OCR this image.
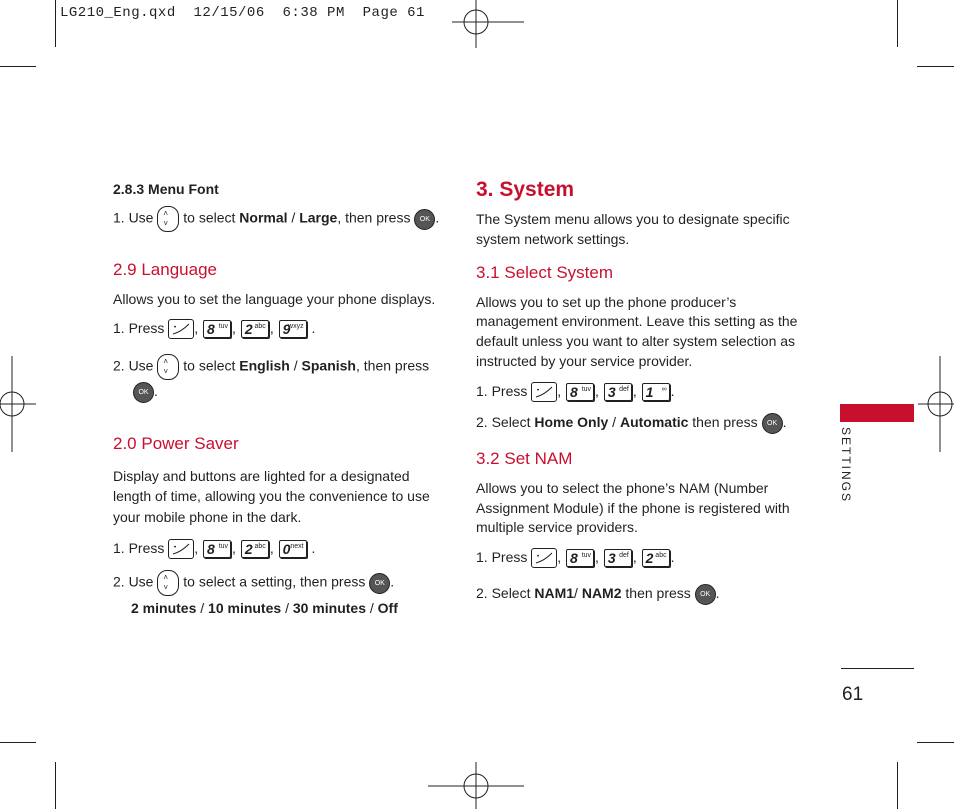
LG210_Eng.qxd  12/15/06  6:38 PM  Page 61
SETTINGS
61
2.8.3 Menu Font
1. Use ˄
˅ to select Normal / Large, then press OK .
2.9 Language
Allows you to set the language your phone displays.
1. Press • , 8 tuv , 2 abc , 9
wxyz .
2. Use ˄
˅ to select English / Spanish, then press
OK .
2.0 Power Saver
Display and buttons are lighted for a designated
length of time, allowing you the convenience to use
your mobile phone in the dark.
1. Press • , 8 tuv , 2 abc , 0 next .
2. Use ˄
˅ to select a setting, then press OK .
2 minutes / 10 minutes / 30 minutes / Off
3. System
The System menu allows you to designate specific
system network settings.
3.1 Select System
Allows you to set up the phone producer’s
management environment. Leave this setting as the
default unless you want to alter system selection as
instructed by your service provider.
1. Press • , 8 tuv , 3 def , 1 ∞ .
2. Select Home Only / Automatic then press OK .
3.2 Set NAM
Allows you to select the phone’s NAM (Number
Assignment Module) if the phone is registered with
multiple service providers.
1. Press • , 8 tuv , 3 def , 2 abc .
2. Select NAM1/ NAM2 then press OK .
